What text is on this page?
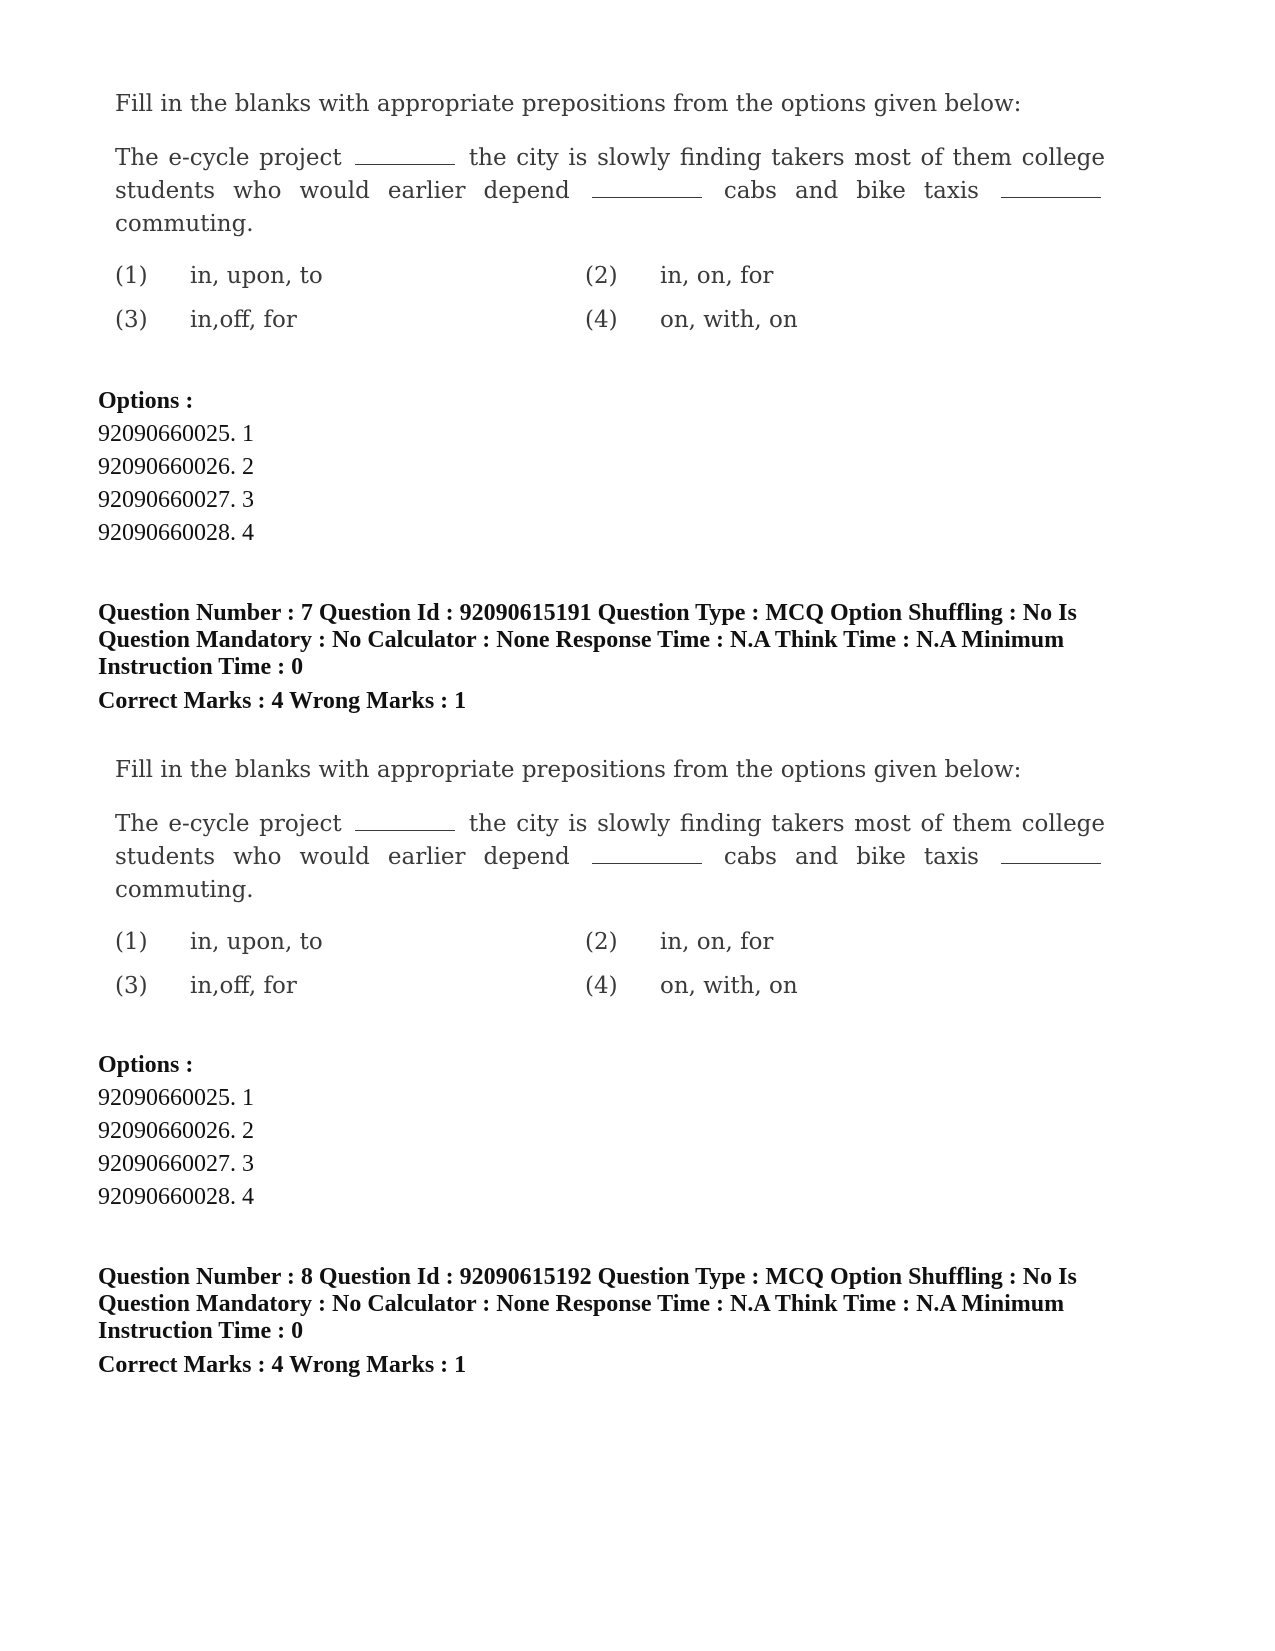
Fill in the blanks with appropriate prepositions from the options given below:

The e-cycle project	the city is slowly finding takers most of them college students who would earlier depend	cabs and bike taxis  commuting.
(1)	in, upon, to	(2)	in, on, for
(3)	in,off, for	(4)	on, with, on

Options :

92090660025. 1
92090660026. 2
92090660027. 3
92090660028. 4
Question Number : 7 Question Id : 92090615191 Question Type : MCQ Option Shuffling : No Is
Question Mandatory : No Calculator : None Response Time : N.A Think Time : N.A Minimum
Instruction Time : 0
Correct Marks : 4 Wrong Marks : 1

Fill in the blanks with appropriate prepositions from the options given below:

The e-cycle project	the city is slowly finding takers most of them college students who would earlier depend	cabs and bike taxis  commuting.
(1)	in, upon, to	(2)	in, on, for
(3)	in,off, for	(4)	on, with, on

Options :

92090660025. 1
92090660026. 2
92090660027. 3
92090660028. 4
Question Number : 8 Question Id : 92090615192 Question Type : MCQ Option Shuffling : No Is
Question Mandatory : No Calculator : None Response Time : N.A Think Time : N.A Minimum
Instruction Time : 0
Correct Marks : 4 Wrong Marks : 1
